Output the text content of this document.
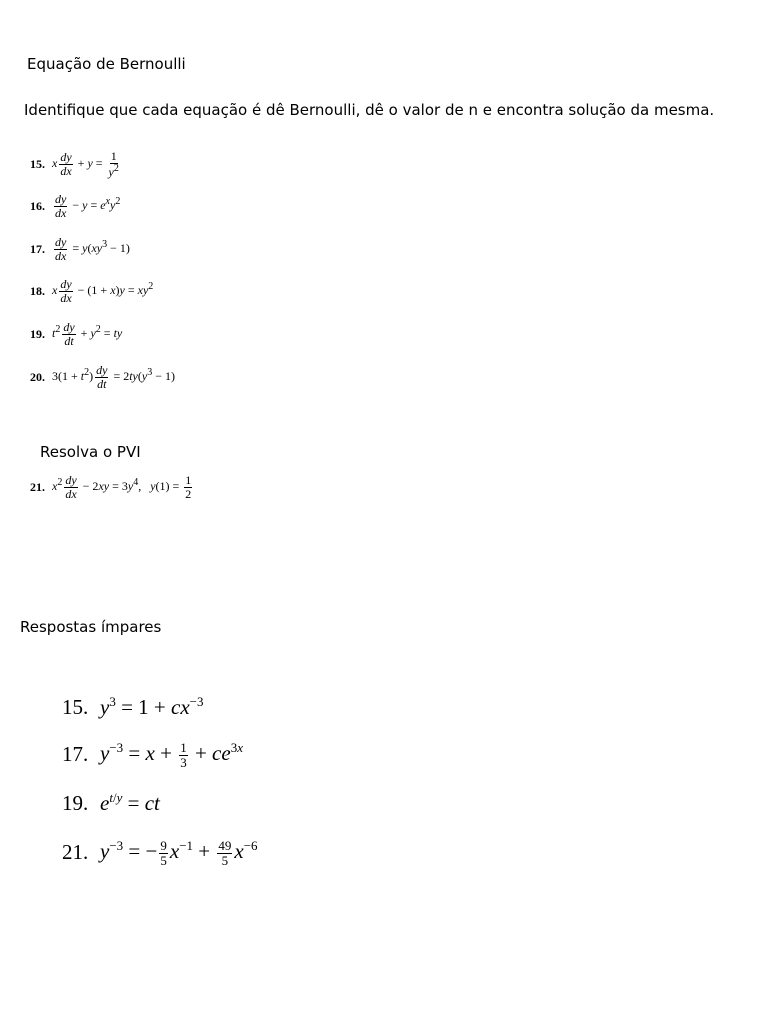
Equação de Bernoulli
Identifique que cada equação é dê Bernoulli, dê o valor de n e encontra solução da mesma.
15. x $\frac{dy}{dx} + y = \frac{1}{y^2}$
16. $\frac{dy}{dx} - y = e^xy^2$
17. $\frac{dy}{dx} = y(xy^3 - 1)$
18. x $\frac{dy}{dx} - (1 + x)y = xy^2$
19. $t^2 \frac{dy}{dt} + y^2$ = ty
20. $3(1 + t^2) \frac{dy}{dt} = 2ty(y^3 - 1)$
Resolva o PVI
21. $x^2 \frac{dy}{dx} - 2xy = 3y^4$,   $y(1) = \frac{1}{2}$
Respostas ímpares
15. $y^3 = 1 + cx^{-3}$
17. $y^{-3} = x + \frac{1}{3} + ce^{3x}$
19. $e^{t/y}$ = ct
21. $y^{-3}$ = − $\frac{9}{5} x^{-1} + \frac{49}{5} x^{-6}$
